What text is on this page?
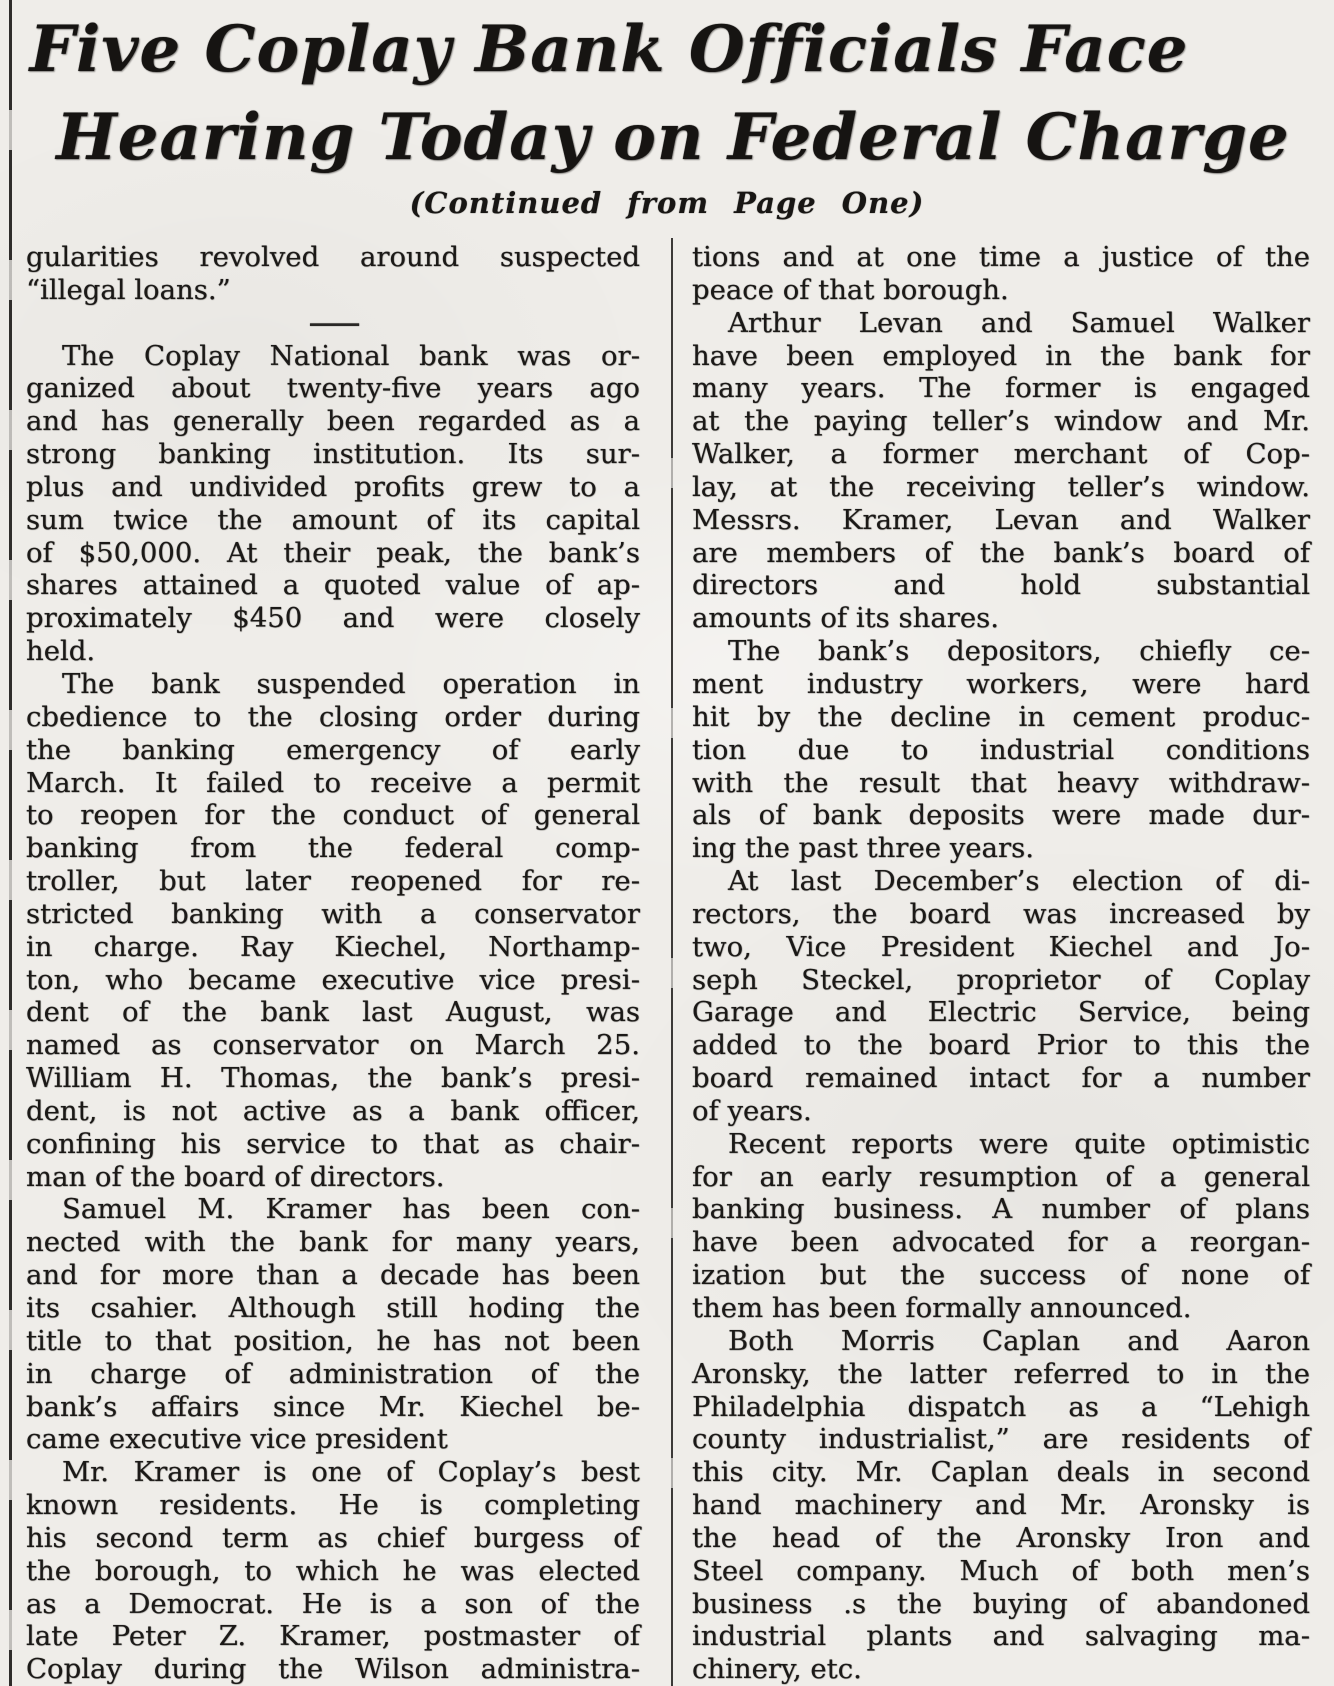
Five Coplay Bank Officials Face
Hearing Today on Federal Charge
(Continued from Page One)
gularities revolved around suspected
“illegal loans.”
——
The Coplay National bank was or-
ganized about twenty-five years ago
and has generally been regarded as a
strong banking institution. Its sur-
plus and undivided profits grew to a
sum twice the amount of its capital
of $50,000. At their peak, the bank’s
shares attained a quoted value of ap-
proximately $450 and were closely
held.
The bank suspended operation in
cbedience to the closing order during
the banking emergency of early
March. It failed to receive a permit
to reopen for the conduct of general
banking from the federal comp-
troller, but later reopened for re-
stricted banking with a conservator
in charge. Ray Kiechel, Northamp-
ton, who became executive vice presi-
dent of the bank last August, was
named as conservator on March 25.
William H. Thomas, the bank’s presi-
dent, is not active as a bank officer,
confining his service to that as chair-
man of the board of directors.
Samuel M. Kramer has been con-
nected with the bank for many years,
and for more than a decade has been
its csahier. Although still hoding the
title to that position, he has not been
in charge of administration of the
bank’s affairs since Mr. Kiechel be-
came executive vice president
Mr. Kramer is one of Coplay’s best
known residents. He is completing
his second term as chief burgess of
the borough, to which he was elected
as a Democrat. He is a son of the
late Peter Z. Kramer, postmaster of
Coplay during the Wilson administra-
tions and at one time a justice of the
peace of that borough.
Arthur Levan and Samuel Walker
have been employed in the bank for
many years. The former is engaged
at the paying teller’s window and Mr.
Walker, a former merchant of Cop-
lay, at the receiving teller’s window.
Messrs. Kramer, Levan and Walker
are members of the bank’s board of
directors and hold substantial
amounts of its shares.
The bank’s depositors, chiefly ce-
ment industry workers, were hard
hit by the decline in cement produc-
tion due to industrial conditions
with the result that heavy withdraw-
als of bank deposits were made dur-
ing the past three years.
At last December’s election of di-
rectors, the board was increased by
two, Vice President Kiechel and Jo-
seph Steckel, proprietor of Coplay
Garage and Electric Service, being
added to the board Prior to this the
board remained intact for a number
of years.
Recent reports were quite optimistic
for an early resumption of a general
banking business. A number of plans
have been advocated for a reorgan-
ization but the success of none of
them has been formally announced.
Both Morris Caplan and Aaron
Aronsky, the latter referred to in the
Philadelphia dispatch as a “Lehigh
county industrialist,” are residents of
this city. Mr. Caplan deals in second
hand machinery and Mr. Aronsky is
the head of the Aronsky Iron and
Steel company. Much of both men’s
business .s the buying of abandoned
industrial plants and salvaging ma-
chinery, etc.
